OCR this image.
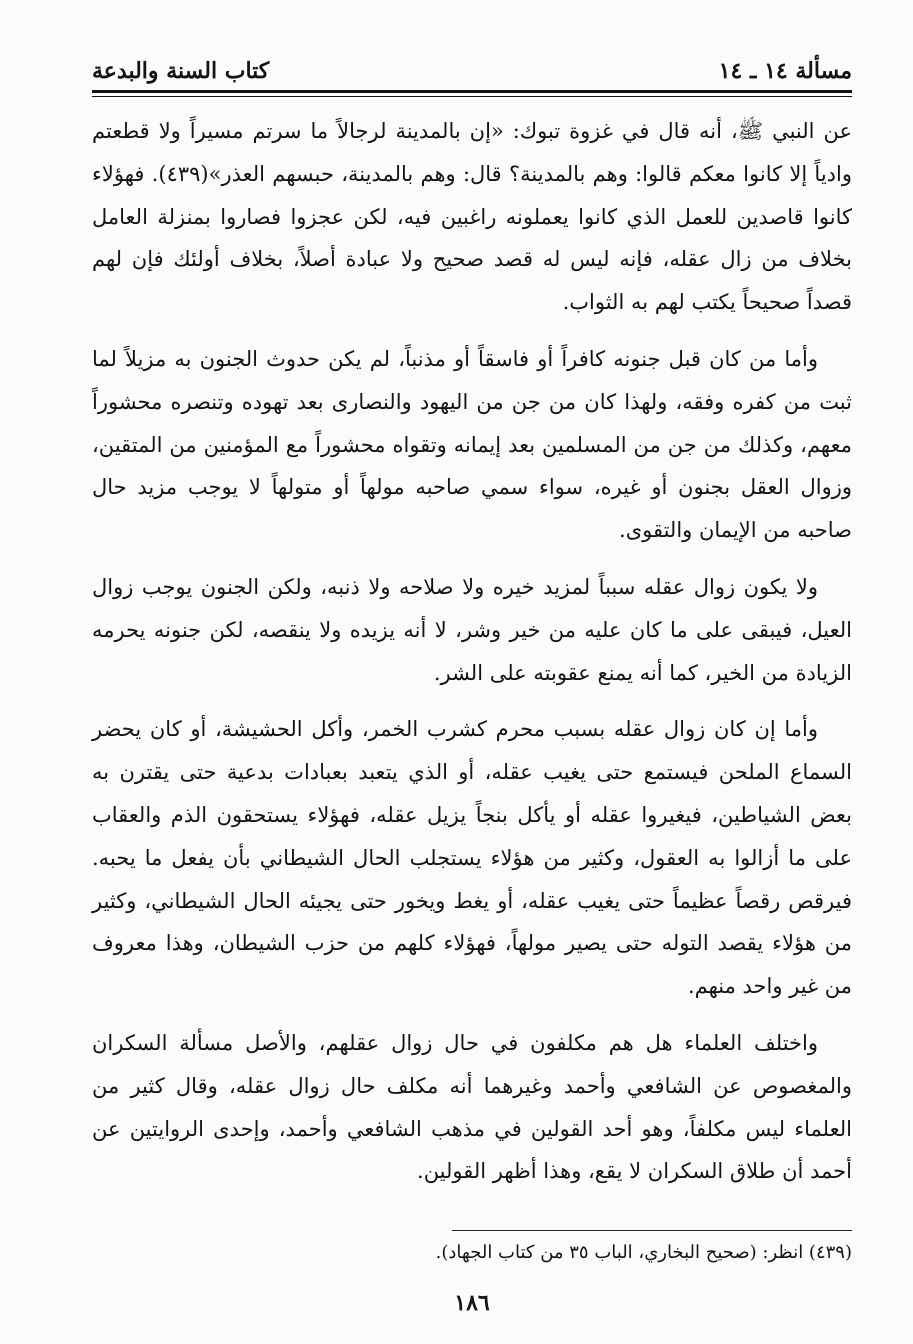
مسألة ١٤ ـ ١٤
كتاب السنة والبدعة

عن النبي ﷺ، أنه قال في غزوة تبوك: «إن بالمدينة لرجالاً ما سرتم مسيراً ولا قطعتم وادياً إلا كانوا معكم قالوا: وهم بالمدينة؟ قال: وهم بالمدينة، حبسهم العذر»(٤٣٩). فهؤلاء كانوا قاصدين للعمل الذي كانوا يعملونه راغبين فيه، لكن عجزوا فصاروا بمنزلة العامل بخلاف من زال عقله، فإنه ليس له قصد صحيح ولا عبادة أصلاً، بخلاف أولئك فإن لهم قصداً صحيحاً يكتب لهم به الثواب.

وأما من كان قبل جنونه كافراً أو فاسقاً أو مذنباً، لم يكن حدوث الجنون به مزيلاً لما ثبت من كفره وفقه، ولهذا كان من جن من اليهود والنصارى بعد تهوده وتنصره محشوراً معهم، وكذلك من جن من المسلمين بعد إيمانه وتقواه محشوراً مع المؤمنين من المتقين، وزوال العقل بجنون أو غيره، سواء سمي صاحبه مولهاً أو متولهاً لا يوجب مزيد حال صاحبه من الإيمان والتقوى.

ولا يكون زوال عقله سبباً لمزيد خيره ولا صلاحه ولا ذنبه، ولكن الجنون يوجب زوال العيل، فيبقى على ما كان عليه من خير وشر، لا أنه يزيده ولا ينقصه، لكن جنونه يحرمه الزيادة من الخير، كما أنه يمنع عقوبته على الشر.

وأما إن كان زوال عقله بسبب محرم كشرب الخمر، وأكل الحشيشة، أو كان يحضر السماع الملحن فيستمع حتى يغيب عقله، أو الذي يتعبد بعبادات بدعية حتى يقترن به بعض الشياطين، فيغيروا عقله أو يأكل بنجاً يزيل عقله، فهؤلاء يستحقون الذم والعقاب على ما أزالوا به العقول، وكثير من هؤلاء يستجلب الحال الشيطاني بأن يفعل ما يحبه. فيرقص رقصاً عظيماً حتى يغيب عقله، أو يغط ويخور حتى يجيئه الحال الشيطاني، وكثير من هؤلاء يقصد التوله حتى يصير مولهاً، فهؤلاء كلهم من حزب الشيطان، وهذا معروف من غير واحد منهم.

واختلف العلماء هل هم مكلفون في حال زوال عقلهم، والأصل مسألة السكران والمغصوص عن الشافعي وأحمد وغيرهما أنه مكلف حال زوال عقله، وقال كثير من العلماء ليس مكلفاً، وهو أحد القولين في مذهب الشافعي وأحمد، وإحدى الروايتين عن أحمد أن طلاق السكران لا يقع، وهذا أظهر القولين.

(٤٣٩) انظر: (صحيح البخاري، الباب ٣٥ من كتاب الجهاد).
١٨٦
